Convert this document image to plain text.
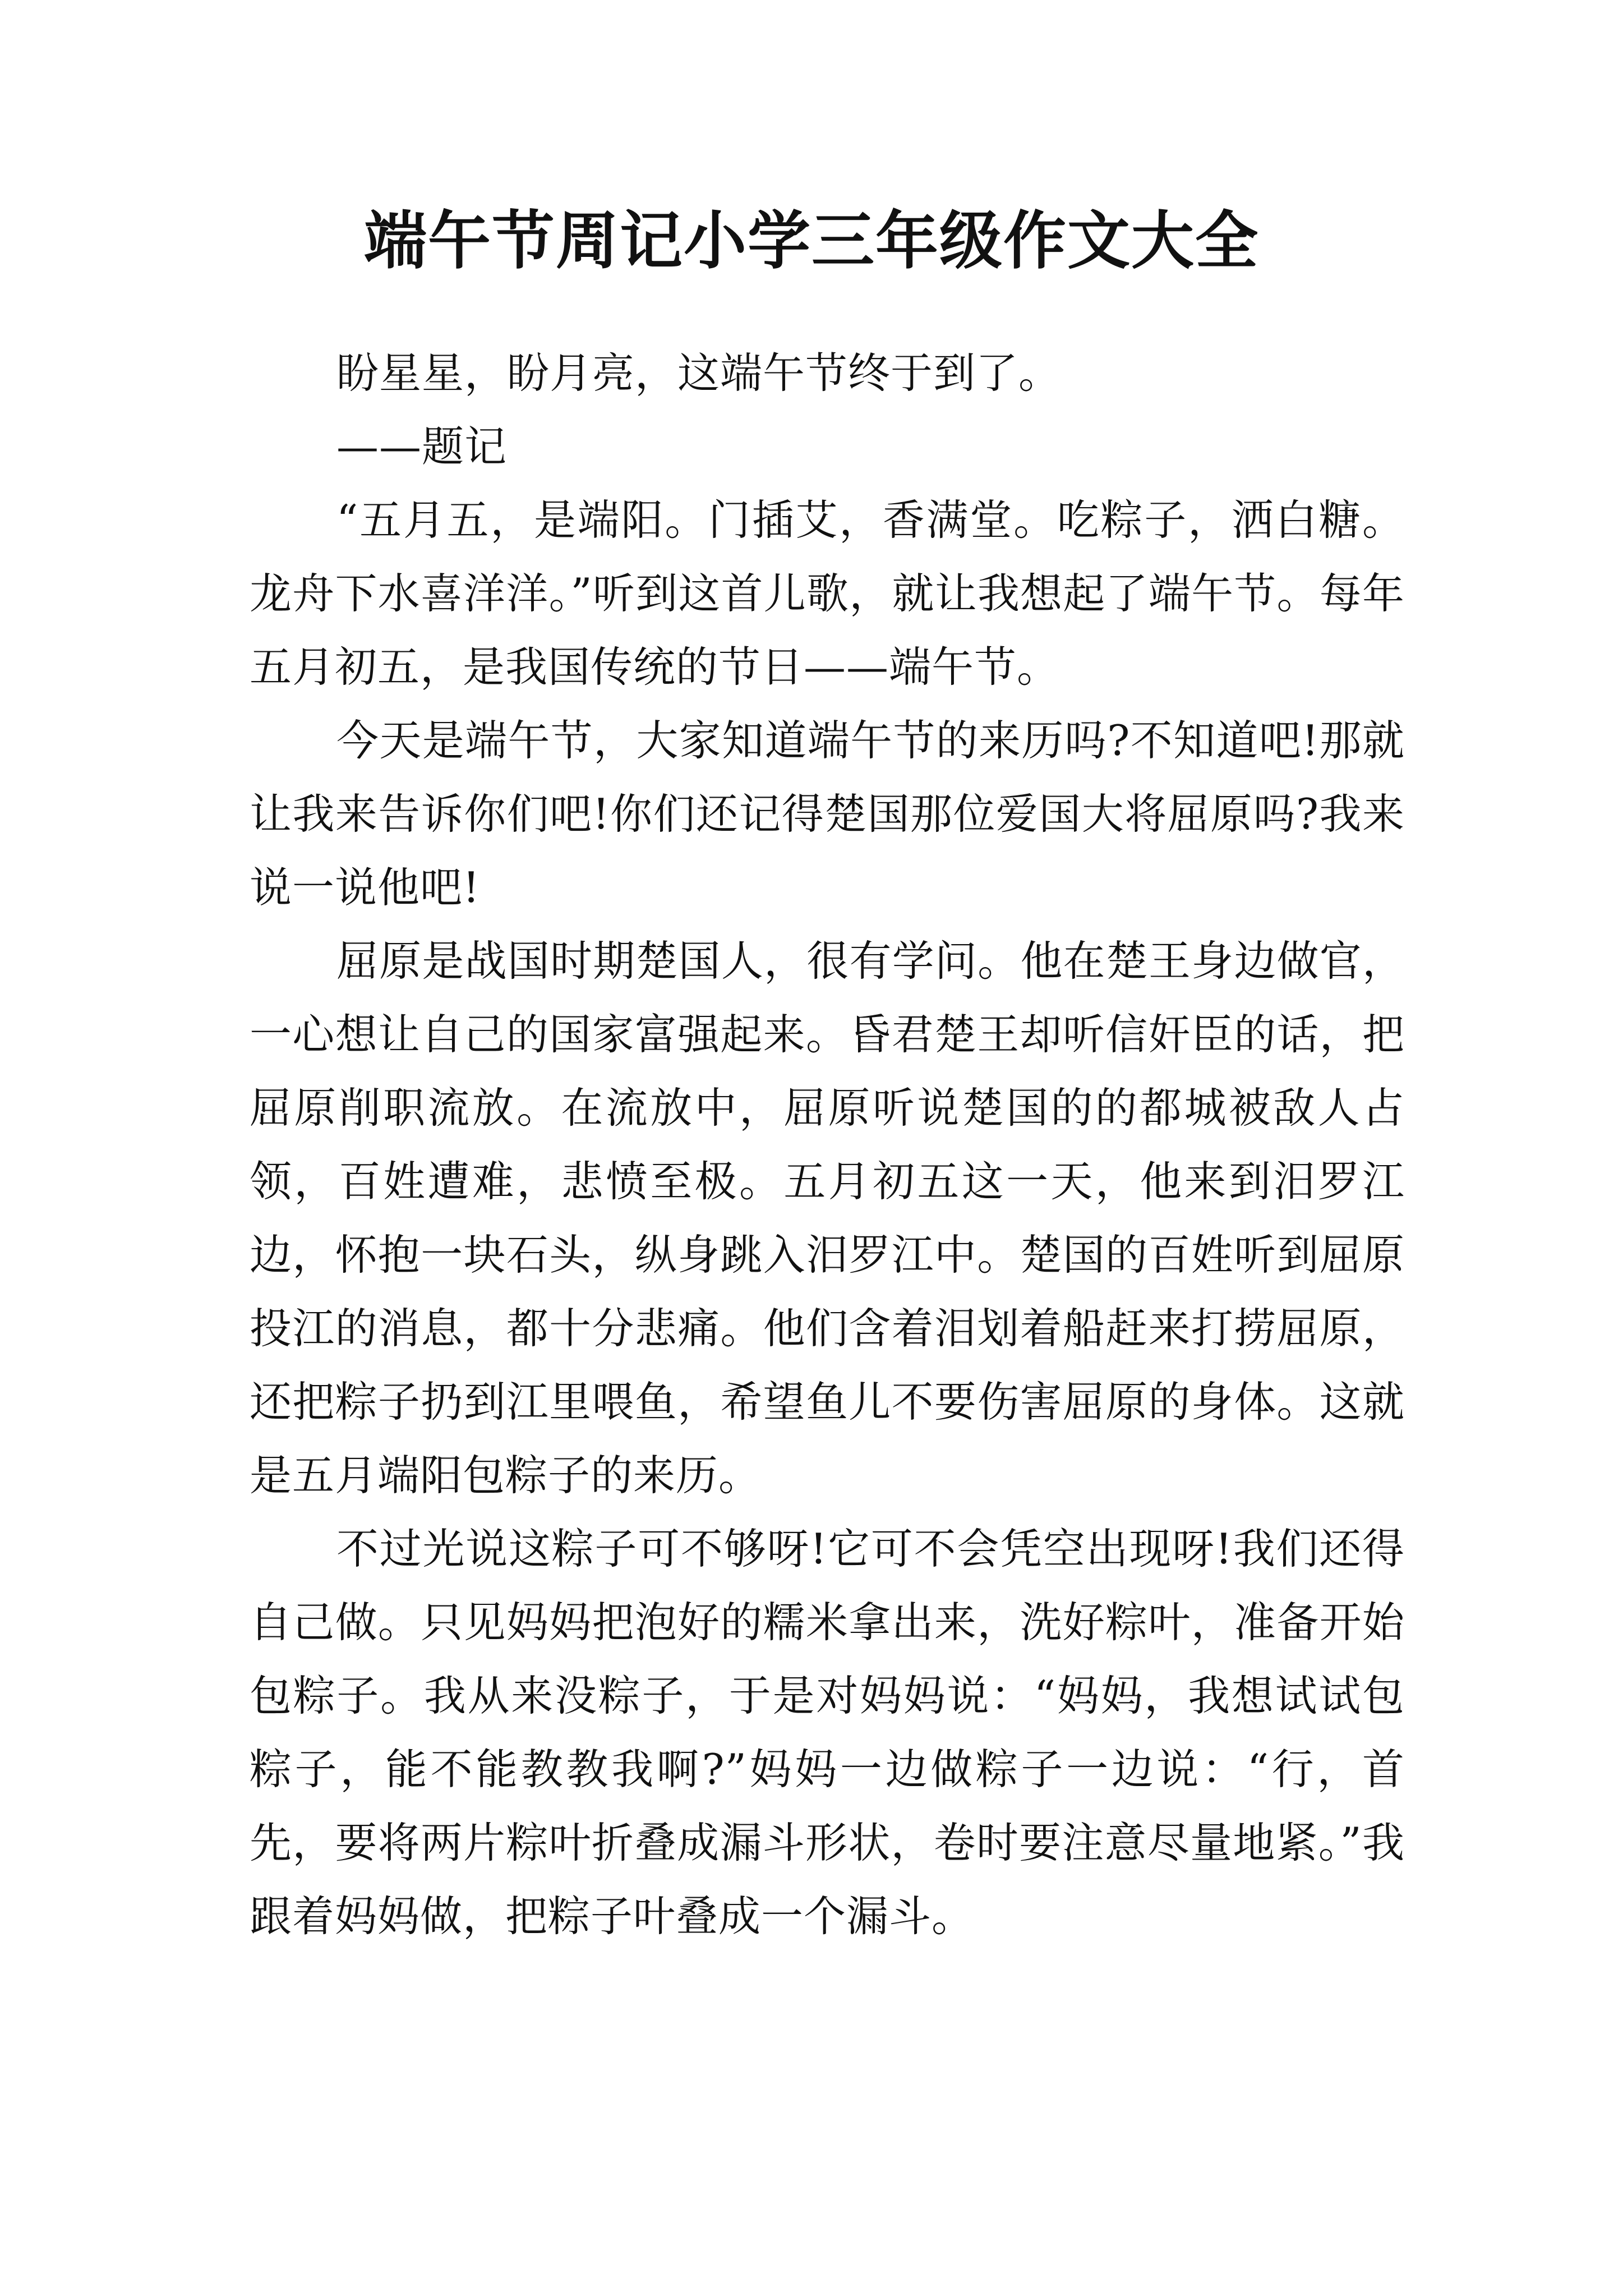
端午节周记小学三年级作文大全

盼星星，盼月亮，这端午节终于到了。

——题记

“五月五，是端阳。门插艾，香满堂。吃粽子，洒白糖。龙舟下水喜洋洋。”听到这首儿歌，就让我想起了端午节。每年五月初五，是我国传统的节日——端午节。

今天是端午节，大家知道端午节的来历吗?不知道吧!那就让我来告诉你们吧!你们还记得楚国那位爱国大将屈原吗?我来说一说他吧!

屈原是战国时期楚国人，很有学问。他在楚王身边做官，一心想让自己的国家富强起来。昏君楚王却听信奸臣的话，把屈原削职流放。在流放中，屈原听说楚国的的都城被敌人占领，百姓遭难，悲愤至极。五月初五这一天，他来到汨罗江边，怀抱一块石头，纵身跳入汨罗江中。楚国的百姓听到屈原投江的消息，都十分悲痛。他们含着泪划着船赶来打捞屈原，还把粽子扔到江里喂鱼，希望鱼儿不要伤害屈原的身体。这就是五月端阳包粽子的来历。

不过光说这粽子可不够呀!它可不会凭空出现呀!我们还得自己做。只见妈妈把泡好的糯米拿出来，洗好粽叶，准备开始包粽子。我从来没粽子，于是对妈妈说：“妈妈，我想试试包粽子，能不能教教我啊?”妈妈一边做粽子一边说：“行，首先，要将两片粽叶折叠成漏斗形状，卷时要注意尽量地紧。”我跟着妈妈做，把粽子叶叠成一个漏斗。
